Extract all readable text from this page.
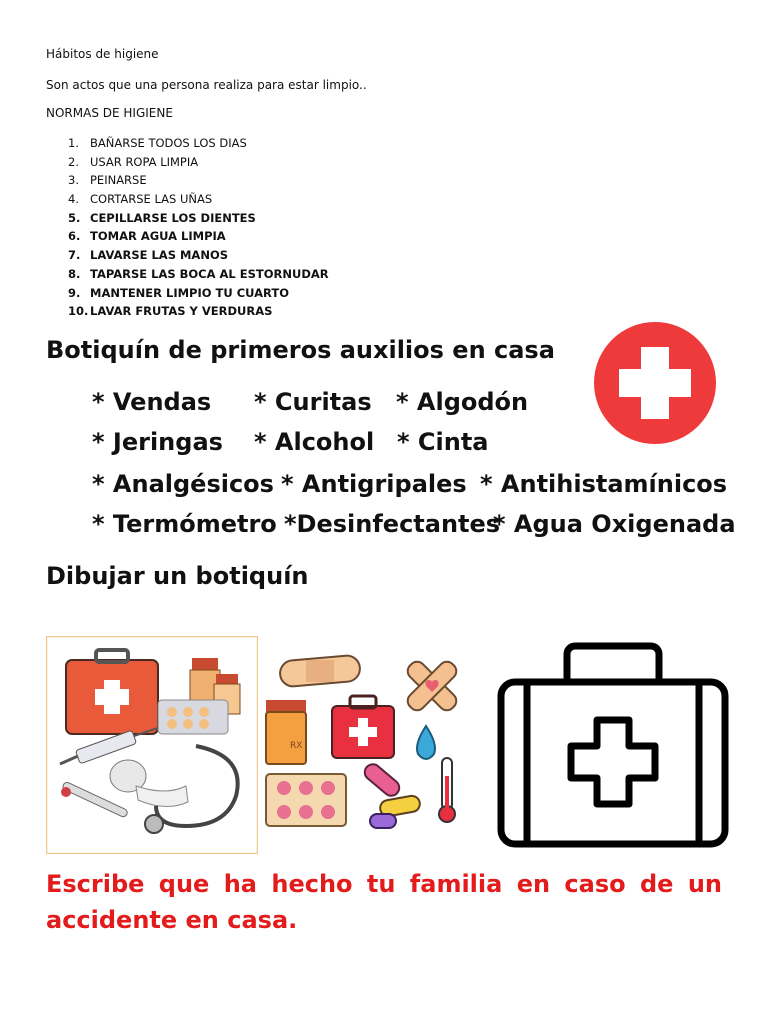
Hábitos de higiene
Son actos que una persona realiza para estar limpio..
NORMAS DE HIGIENE
1. BAÑARSE TODOS LOS DIAS
2. USAR ROPA LIMPIA
3. PEINARSE
4. CORTARSE LAS UÑAS
5. CEPILLARSE LOS DIENTES
6. TOMAR AGUA LIMPIA
7. LAVARSE LAS MANOS
8. TAPARSE LAS BOCA AL ESTORNUDAR
9. MANTENER LIMPIO TU CUARTO
10. LAVAR FRUTAS Y VERDURAS
Botiquín de primeros auxilios en casa
* Vendas * Curitas * Algodón
* Jeringas * Alcohol * Cinta
* Analgésicos * Antigripales * Antihistamínicos
* Termómetro *Desinfectantes
* Agua Oxigenada
Dibujar un botiquín
RX
Escribe que ha hecho tu familia en caso de un accidente en casa.
